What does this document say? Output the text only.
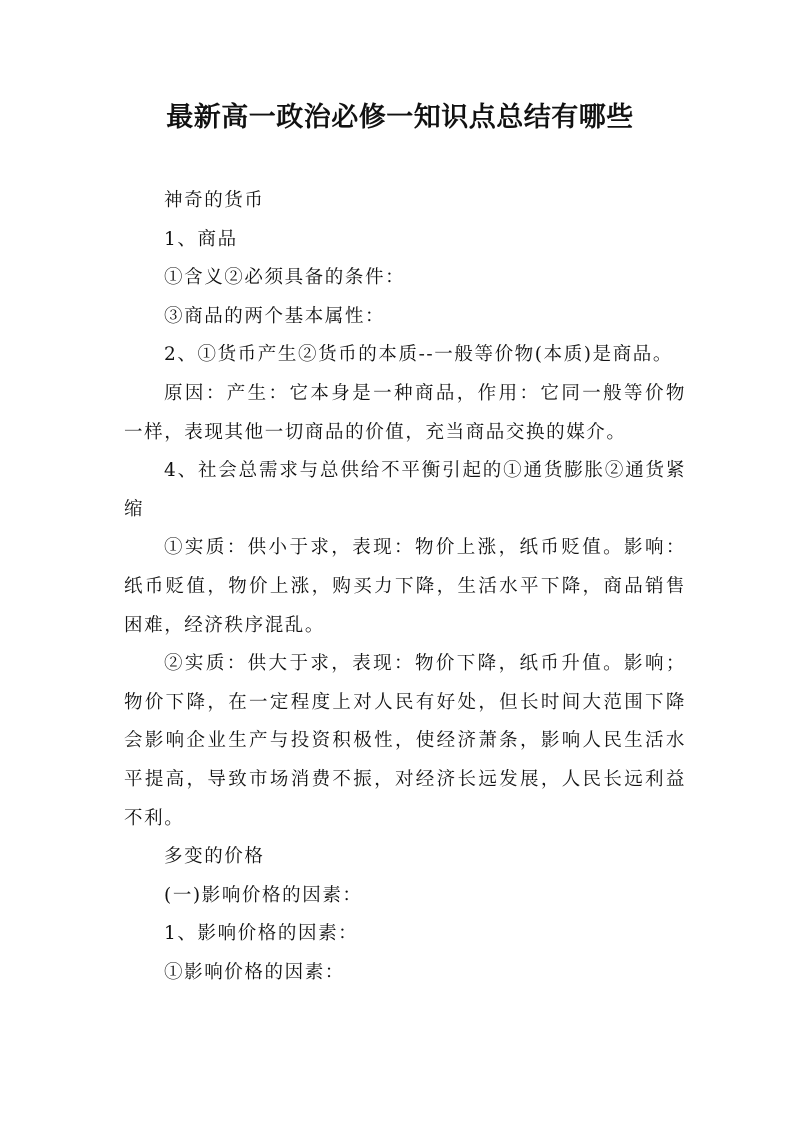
最新高一政治必修一知识点总结有哪些

神奇的货币

1、商品

①含义②必须具备的条件：

③商品的两个基本属性：

2、①货币产生②货币的本质--一般等价物(本质)是商品。

原因：产生：它本身是一种商品，作用：它同一般等价物一样，表现其他一切商品的价值，充当商品交换的媒介。

4、社会总需求与总供给不平衡引起的①通货膨胀②通货紧缩

①实质：供小于求，表现：物价上涨，纸币贬值。影响：纸币贬值，物价上涨，购买力下降，生活水平下降，商品销售困难，经济秩序混乱。

②实质：供大于求，表现：物价下降，纸币升值。影响；物价下降，在一定程度上对人民有好处，但长时间大范围下降会影响企业生产与投资积极性，使经济萧条，影响人民生活水平提高，导致市场消费不振，对经济长远发展，人民长远利益不利。

多变的价格

(一)影响价格的因素：

1、影响价格的因素：

①影响价格的因素：
